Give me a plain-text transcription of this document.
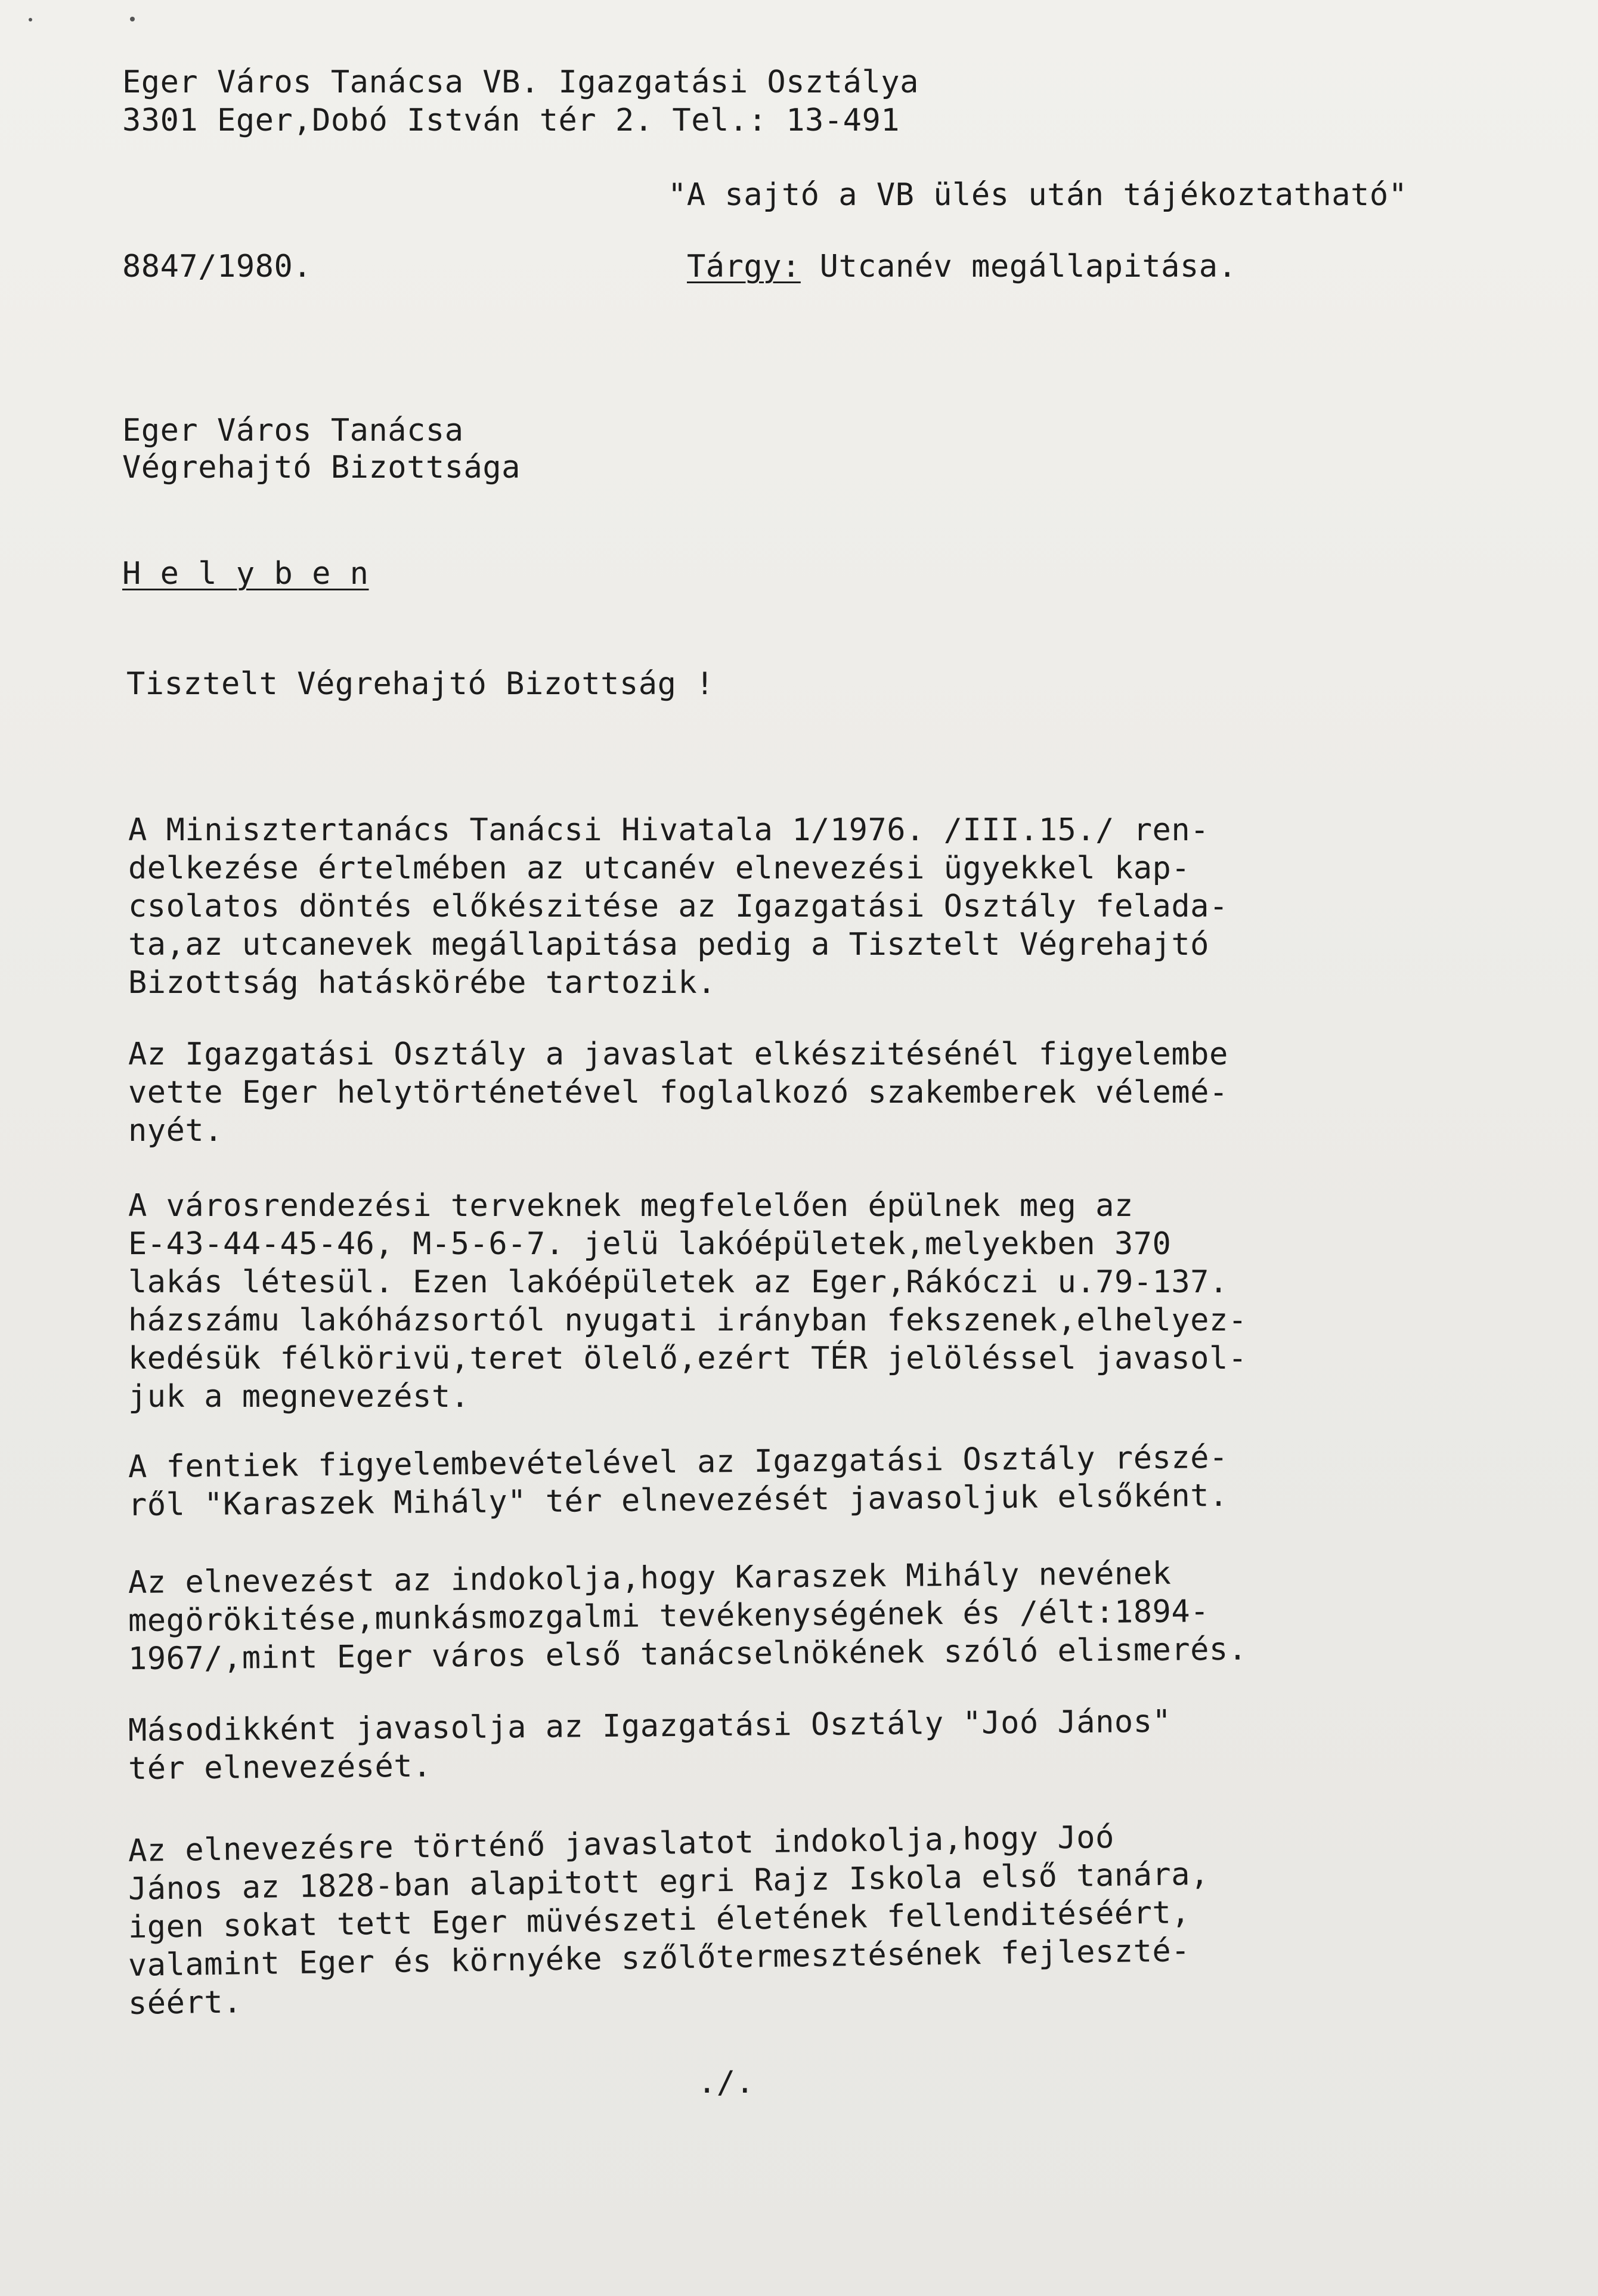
Eger Város Tanácsa VB. Igazgatási Osztálya
3301 Eger,Dobó István tér 2. Tel.: 13-491
"A sajtó a VB ülés után tájékoztatható"
8847/1980.	Tárgy: Utcanév megállapitása.
Eger Város Tanácsa
Végrehajtó Bizottsága
H e l y b e n
Tisztelt Végrehajtó Bizottság !
A Minisztertanács Tanácsi Hivatala 1/1976. /III.15./ ren-
delkezése értelmében az utcanév elnevezési ügyekkel kap-
csolatos döntés előkészitése az Igazgatási Osztály felada-
ta,az utcanevek megállapitása pedig a Tisztelt Végrehajtó
Bizottság hatáskörébe tartozik.
Az Igazgatási Osztály a javaslat elkészitésénél figyelembe
vette Eger helytörténetével foglalkozó szakemberek vélemé-
nyét.
A városrendezési terveknek megfelelően épülnek meg az
E-43-44-45-46, M-5-6-7. jelü lakóépületek,melyekben 370
lakás létesül. Ezen lakóépületek az Eger,Rákóczi u.79-137.
házszámu lakóházsortól nyugati irányban fekszenek,elhelyez-
kedésük félkörivü,teret ölelő,ezért TÉR jelöléssel javasol-
juk a megnevezést.
A fentiek figyelembevételével az Igazgatási Osztály részé-
ről "Karaszek Mihály" tér elnevezését javasoljuk elsőként.
Az elnevezést az indokolja,hogy Karaszek Mihály nevének
megörökitése,munkásmozgalmi tevékenységének és /élt:1894-
1967/,mint Eger város első tanácselnökének szóló elismerés.
Másodikként javasolja az Igazgatási Osztály "Joó János"
tér elnevezését.
Az elnevezésre történő javaslatot indokolja,hogy Joó
János az 1828-ban alapitott egri Rajz Iskola első tanára,
igen sokat tett Eger müvészeti életének fellenditéséért,
valamint Eger és környéke szőlőtermesztésének fejleszté-
séért.
./.
